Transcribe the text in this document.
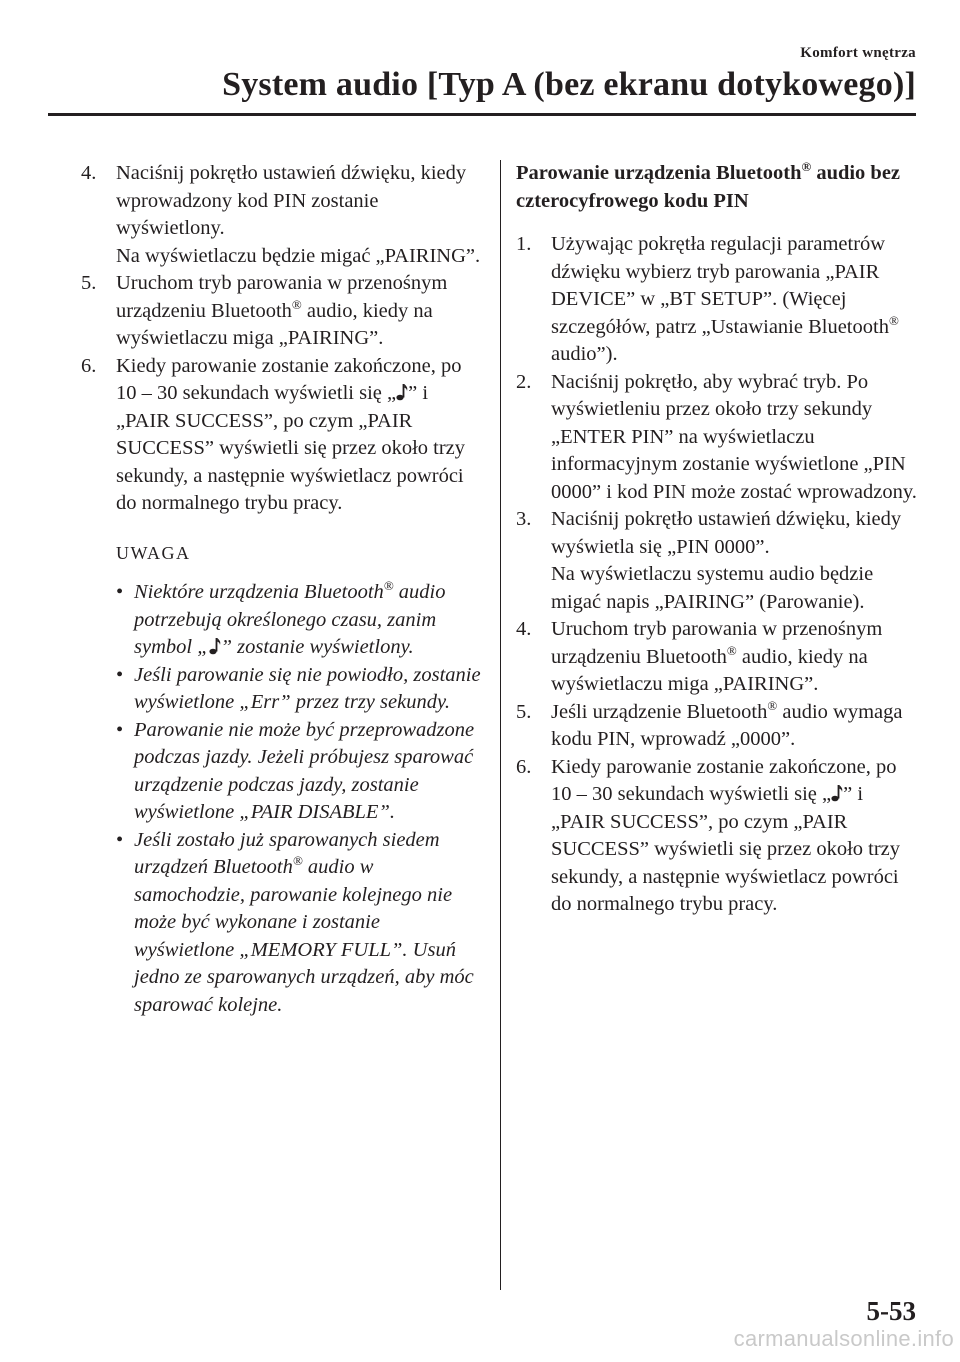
Komfort wnętrza
System audio [Typ A (bez ekranu dotykowego)]
4. Naciśnij pokrętło ustawień dźwięku, kiedy wprowadzony kod PIN zostanie wyświetlony.
Na wyświetlaczu będzie migać „PAIRING”.
5. Uruchom tryb parowania w przenośnym urządzeniu Bluetooth® audio, kiedy na wyświetlaczu miga „PAIRING”.
6. Kiedy parowanie zostanie zakończone, po 10 – 30 sekundach wyświetli się „ ” i „PAIR SUCCESS”, po czym „PAIR SUCCESS” wyświetli się przez około trzy sekundy, a następnie wyświetlacz powróci do normalnego trybu pracy.
UWAGA
• Niektóre urządzenia Bluetooth® audio potrzebują określonego czasu, zanim symbol „ ” zostanie wyświetlony.
• Jeśli parowanie się nie powiodło, zostanie wyświetlone „Err” przez trzy sekundy.
• Parowanie nie może być przeprowadzone podczas jazdy. Jeżeli próbujesz sparować urządzenie podczas jazdy, zostanie wyświetlone „PAIR DISABLE”.
• Jeśli zostało już sparowanych siedem urządzeń Bluetooth® audio w samochodzie, parowanie kolejnego nie może być wykonane i zostanie wyświetlone „MEMORY FULL”. Usuń jedno ze sparowanych urządzeń, aby móc sparować kolejne.
Parowanie urządzenia Bluetooth® audio bez czterocyfrowego kodu PIN
1. Używając pokrętła regulacji parametrów dźwięku wybierz tryb parowania „PAIR DEVICE” w „BT SETUP”. (Więcej szczegółów, patrz „Ustawianie Bluetooth® audio”).
2. Naciśnij pokrętło, aby wybrać tryb. Po wyświetleniu przez około trzy sekundy „ENTER PIN” na wyświetlaczu informacyjnym zostanie wyświetlone „PIN 0000” i kod PIN może zostać wprowadzony.
3. Naciśnij pokrętło ustawień dźwięku, kiedy wyświetla się „PIN 0000”.
Na wyświetlaczu systemu audio będzie migać napis „PAIRING” (Parowanie).
4. Uruchom tryb parowania w przenośnym urządzeniu Bluetooth® audio, kiedy na wyświetlaczu miga „PAIRING”.
5. Jeśli urządzenie Bluetooth® audio wymaga kodu PIN, wprowadź „0000”.
6. Kiedy parowanie zostanie zakończone, po 10 – 30 sekundach wyświetli się „ ” i „PAIR SUCCESS”, po czym „PAIR SUCCESS” wyświetli się przez około trzy sekundy, a następnie wyświetlacz powróci do normalnego trybu pracy.
5-53
carmanualsonline.info
